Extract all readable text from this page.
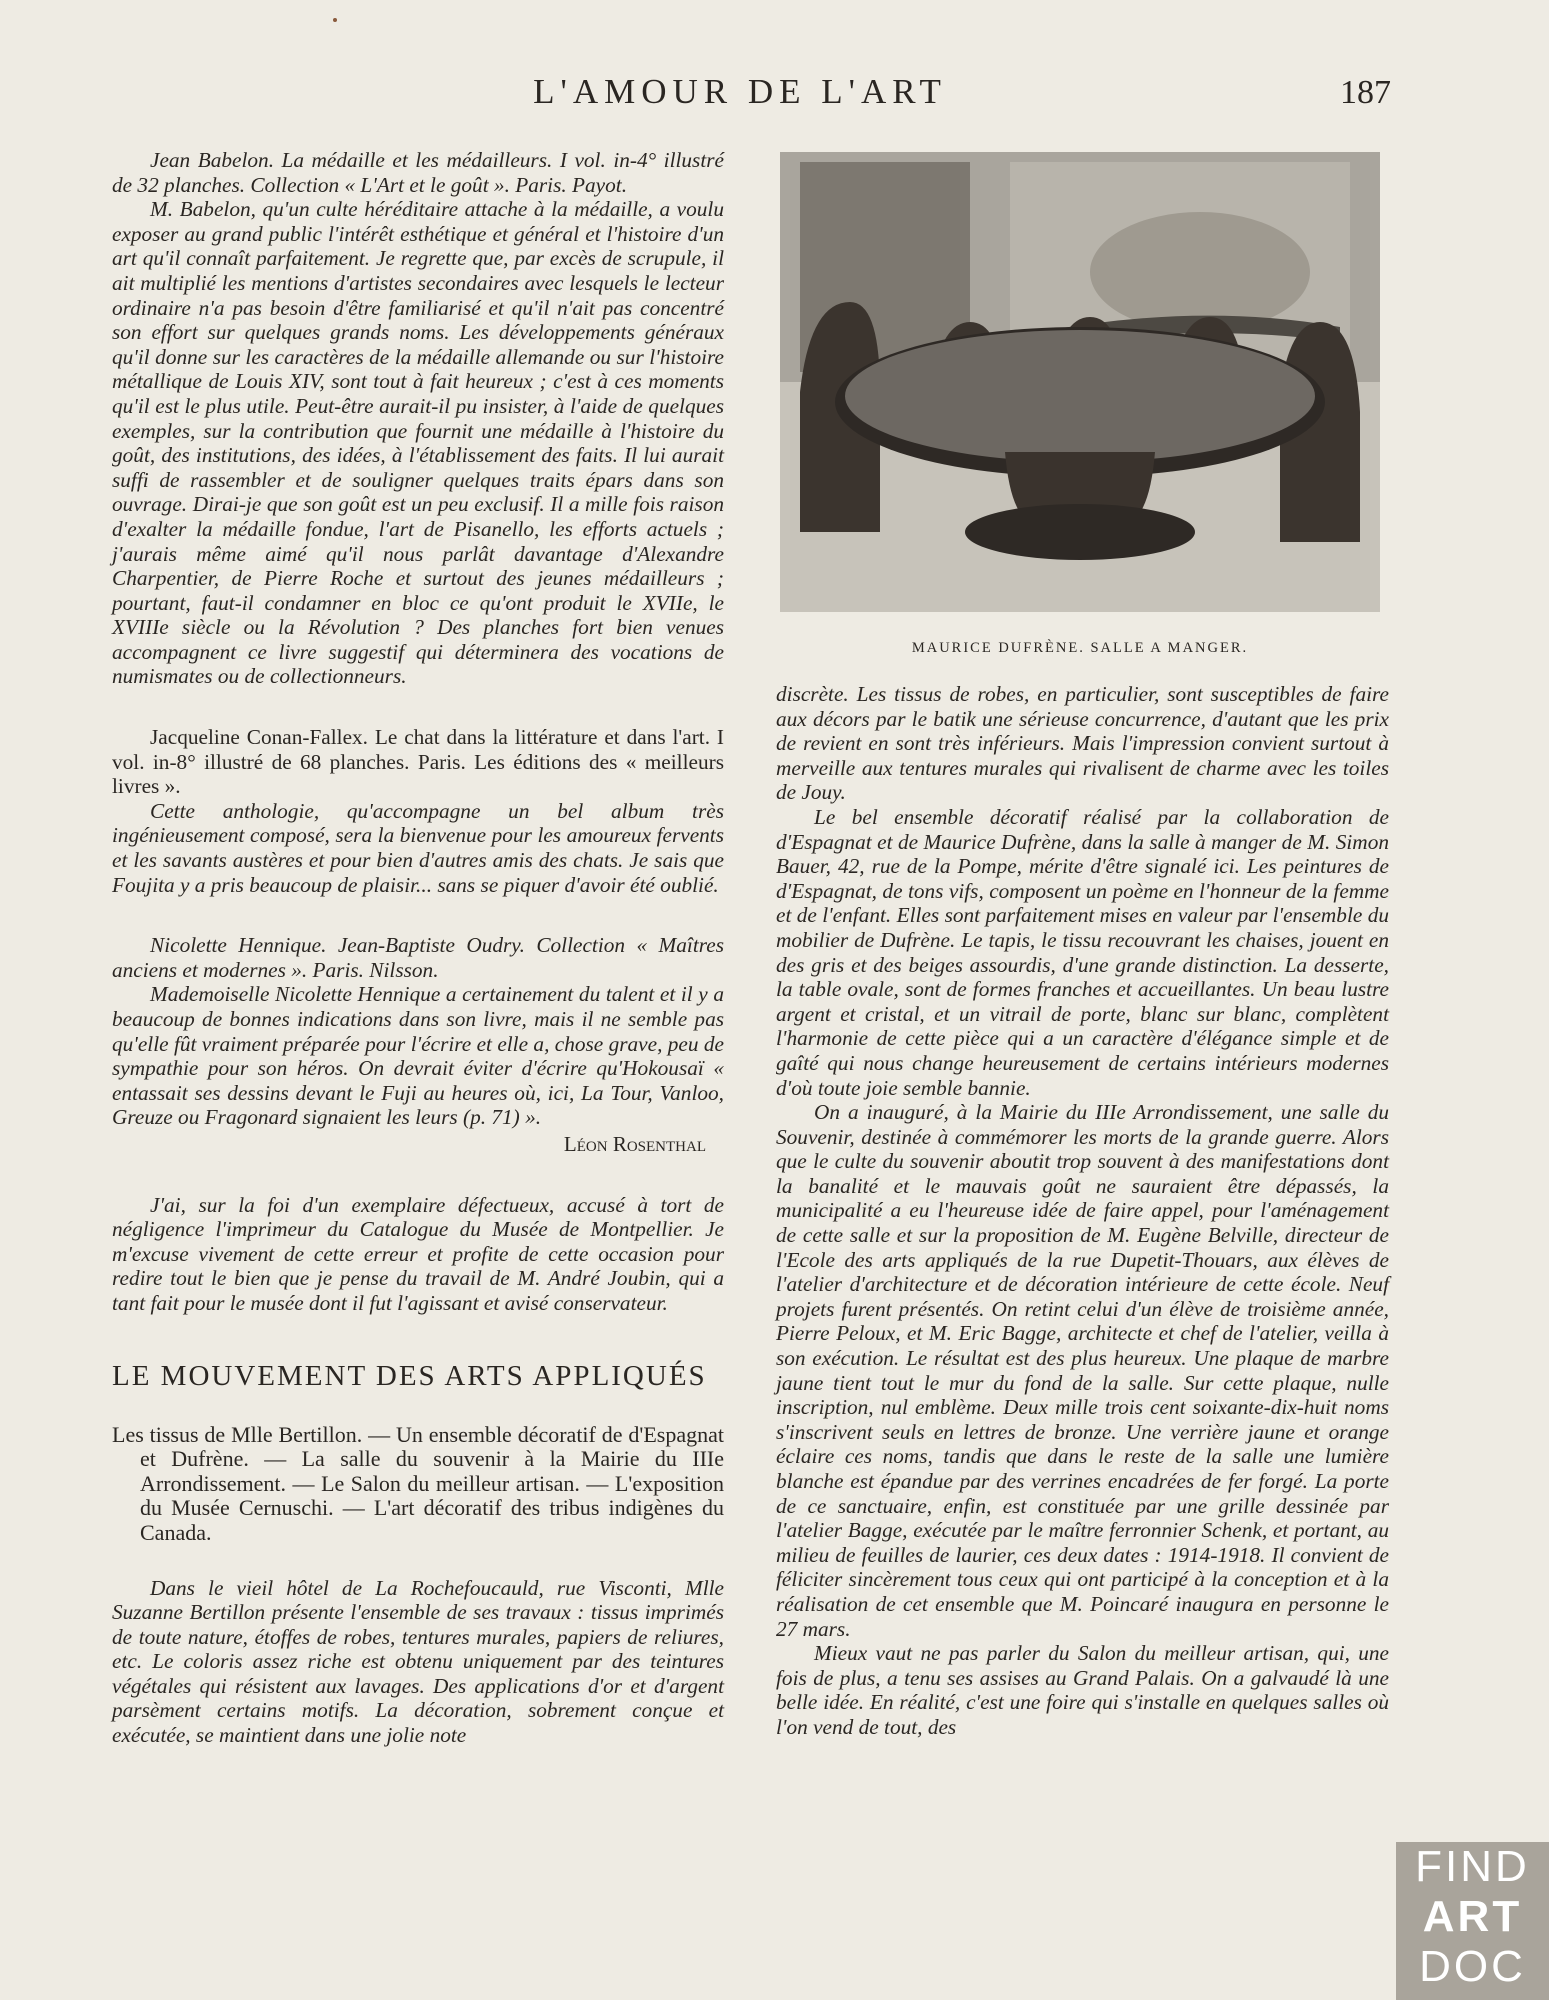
L'AMOUR DE L'ART	187

Jean Babelon. La médaille et les médailleurs. I vol. in-4° illustré de 32 planches. Collection « L'Art et le goût ». Paris. Payot.

M. Babelon, qu'un culte héréditaire attache à la médaille, a voulu exposer au grand public l'intérêt esthétique et général et l'histoire d'un art qu'il connaît parfaitement. Je regrette que, par excès de scrupule, il ait multiplié les mentions d'artistes secondaires avec lesquels le lecteur ordinaire n'a pas besoin d'être familiarisé et qu'il n'ait pas concentré son effort sur quelques grands noms. Les développements généraux qu'il donne sur les caractères de la médaille allemande ou sur l'histoire métallique de Louis XIV, sont tout à fait heureux ; c'est à ces moments qu'il est le plus utile. Peut-être aurait-il pu insister, à l'aide de quelques exemples, sur la contribution que fournit une médaille à l'histoire du goût, des institutions, des idées, à l'établissement des faits. Il lui aurait suffi de rassembler et de souligner quelques traits épars dans son ouvrage. Dirai-je que son goût est un peu exclusif. Il a mille fois raison d'exalter la médaille fondue, l'art de Pisanello, les efforts actuels ; j'aurais même aimé qu'il nous parlât davantage d'Alexandre Charpentier, de Pierre Roche et surtout des jeunes médailleurs ; pourtant, faut-il condamner en bloc ce qu'ont produit le XVIIe, le XVIIIe siècle ou la Révolution ? Des planches fort bien venues accompagnent ce livre suggestif qui déterminera des vocations de numismates ou de collectionneurs.

Jacqueline Conan-Fallex. Le chat dans la littérature et dans l'art. I vol. in-8° illustré de 68 planches. Paris. Les éditions des « meilleurs livres ».

Cette anthologie, qu'accompagne un bel album très ingénieusement composé, sera la bienvenue pour les amoureux fervents et les savants austères et pour bien d'autres amis des chats. Je sais que Foujita y a pris beaucoup de plaisir... sans se piquer d'avoir été oublié.

Nicolette Hennique. Jean-Baptiste Oudry. Collection « Maîtres anciens et modernes ». Paris. Nilsson.

Mademoiselle Nicolette Hennique a certainement du talent et il y a beaucoup de bonnes indications dans son livre, mais il ne semble pas qu'elle fût vraiment préparée pour l'écrire et elle a, chose grave, peu de sympathie pour son héros. On devrait éviter d'écrire qu'Hokousaï « entassait ses dessins devant le Fuji au heures où, ici, La Tour, Vanloo, Greuze ou Fragonard signaient les leurs (p. 71) ».

Léon Rosenthal

J'ai, sur la foi d'un exemplaire défectueux, accusé à tort de négligence l'imprimeur du Catalogue du Musée de Montpellier. Je m'excuse vivement de cette erreur et profite de cette occasion pour redire tout le bien que je pense du travail de M. André Joubin, qui a tant fait pour le musée dont il fut l'agissant et avisé conservateur.

LE MOUVEMENT DES ARTS APPLIQUÉS

Les tissus de Mlle Bertillon. — Un ensemble décoratif de d'Espagnat et Dufrène. — La salle du souvenir à la Mairie du IIIe Arrondissement. — Le Salon du meilleur artisan. — L'exposition du Musée Cernuschi. — L'art décoratif des tribus indigènes du Canada.

Dans le vieil hôtel de La Rochefoucauld, rue Visconti, Mlle Suzanne Bertillon présente l'ensemble de ses travaux : tissus imprimés de toute nature, étoffes de robes, tentures murales, papiers de reliures, etc. Le coloris assez riche est obtenu uniquement par des teintures végétales qui résistent aux lavages. Des applications d'or et d'argent parsèment certains motifs. La décoration, sobrement conçue et exécutée, se maintient dans une jolie note

MAURICE DUFRÈNE. SALLE A MANGER.

discrète. Les tissus de robes, en particulier, sont susceptibles de faire aux décors par le batik une sérieuse concurrence, d'autant que les prix de revient en sont très inférieurs. Mais l'impression convient surtout à merveille aux tentures murales qui rivalisent de charme avec les toiles de Jouy.

Le bel ensemble décoratif réalisé par la collaboration de d'Espagnat et de Maurice Dufrène, dans la salle à manger de M. Simon Bauer, 42, rue de la Pompe, mérite d'être signalé ici. Les peintures de d'Espagnat, de tons vifs, composent un poème en l'honneur de la femme et de l'enfant. Elles sont parfaitement mises en valeur par l'ensemble du mobilier de Dufrène. Le tapis, le tissu recouvrant les chaises, jouent en des gris et des beiges assourdis, d'une grande distinction. La desserte, la table ovale, sont de formes franches et accueillantes. Un beau lustre argent et cristal, et un vitrail de porte, blanc sur blanc, complètent l'harmonie de cette pièce qui a un caractère d'élégance simple et de gaîté qui nous change heureusement de certains intérieurs modernes d'où toute joie semble bannie.

On a inauguré, à la Mairie du IIIe Arrondissement, une salle du Souvenir, destinée à commémorer les morts de la grande guerre. Alors que le culte du souvenir aboutit trop souvent à des manifestations dont la banalité et le mauvais goût ne sauraient être dépassés, la municipalité a eu l'heureuse idée de faire appel, pour l'aménagement de cette salle et sur la proposition de M. Eugène Belville, directeur de l'Ecole des arts appliqués de la rue Dupetit-Thouars, aux élèves de l'atelier d'architecture et de décoration intérieure de cette école. Neuf projets furent présentés. On retint celui d'un élève de troisième année, Pierre Peloux, et M. Eric Bagge, architecte et chef de l'atelier, veilla à son exécution. Le résultat est des plus heureux. Une plaque de marbre jaune tient tout le mur du fond de la salle. Sur cette plaque, nulle inscription, nul emblème. Deux mille trois cent soixante-dix-huit noms s'inscrivent seuls en lettres de bronze. Une verrière jaune et orange éclaire ces noms, tandis que dans le reste de la salle une lumière blanche est épandue par des verrines encadrées de fer forgé. La porte de ce sanctuaire, enfin, est constituée par une grille dessinée par l'atelier Bagge, exécutée par le maître ferronnier Schenk, et portant, au milieu de feuilles de laurier, ces deux dates : 1914-1918. Il convient de féliciter sincèrement tous ceux qui ont participé à la conception et à la réalisation de cet ensemble que M. Poincaré inaugura en personne le 27 mars.

Mieux vaut ne pas parler du Salon du meilleur artisan, qui, une fois de plus, a tenu ses assises au Grand Palais. On a galvaudé là une belle idée. En réalité, c'est une foire qui s'installe en quelques salles où l'on vend de tout, des

FIND
ART
DOC
